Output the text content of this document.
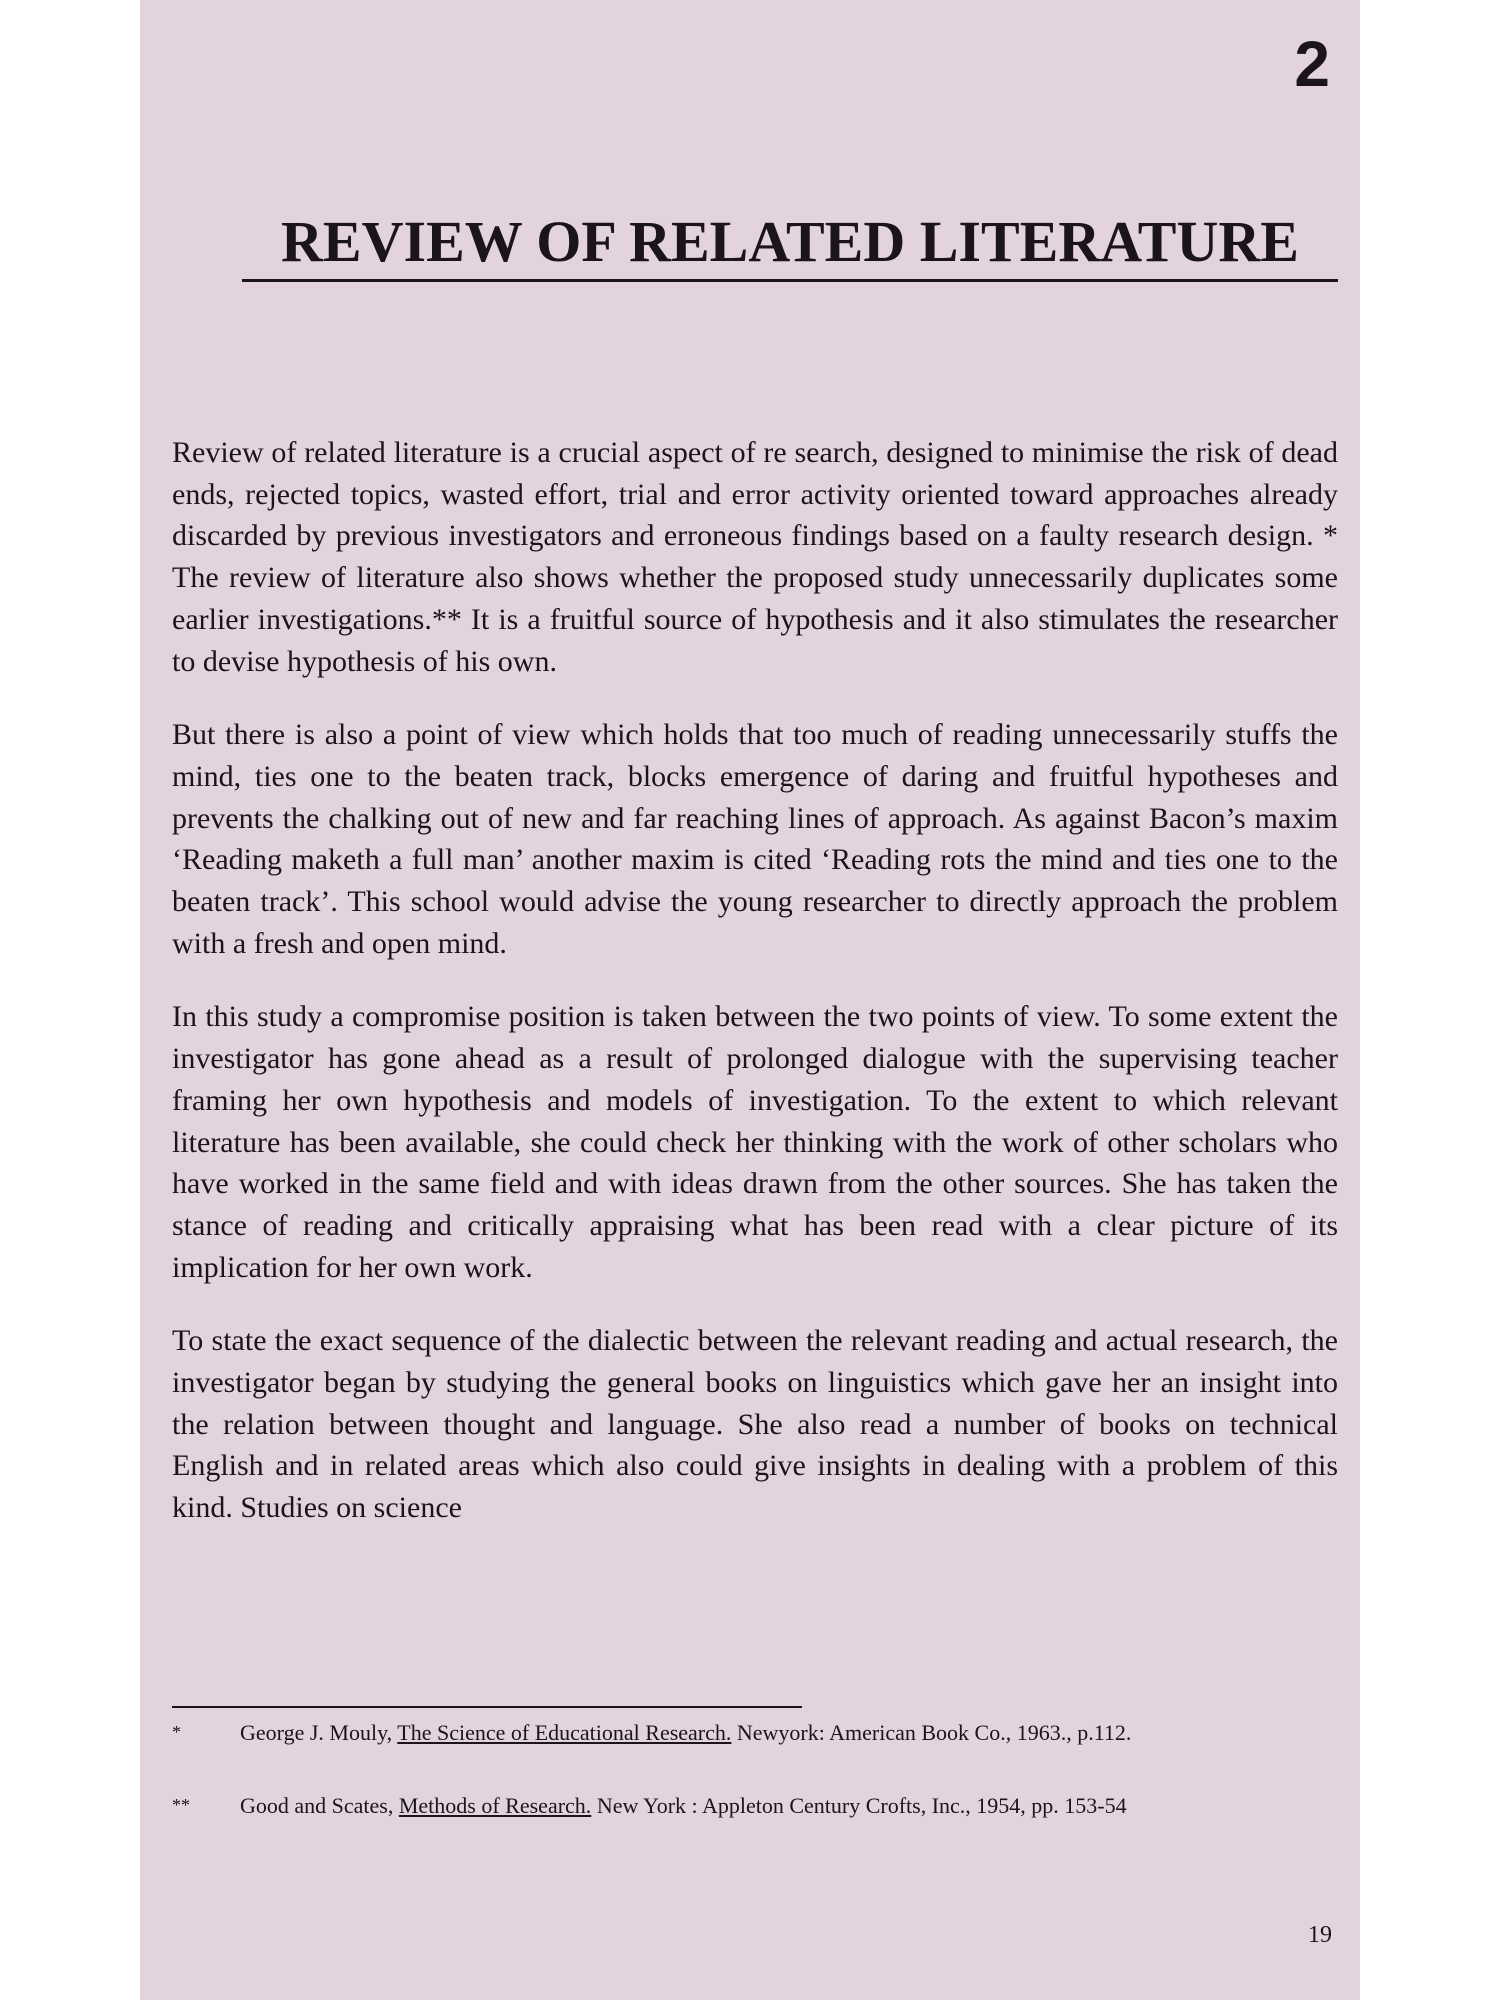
2

REVIEW OF RELATED LITERATURE

Review of related literature is a crucial aspect of re search, designed to minimise the risk of dead ends, rejected topics, wasted effort, trial and error activity oriented toward approaches already discarded by previous investigators and erroneous findings based on a faulty research design. * The review of literature also shows whether the proposed study unnecessarily duplicates some earlier investigations.** It is a fruitful source of hypothesis and it also stimulates the researcher to devise hypothesis of his own.

But there is also a point of view which holds that too much of reading unnecessarily stuffs the mind, ties one to the beaten track, blocks emergence of daring and fruitful hypotheses and prevents the chalking out of new and far reaching lines of approach. As against Bacon’s maxim ‘Reading maketh a full man’ another maxim is cited ‘Reading rots the mind and ties one to the beaten track’. This school would advise the young researcher to directly approach the problem with a fresh and open mind.

In this study a compromise position is taken between the two points of view. To some extent the investigator has gone ahead as a result of prolonged dialogue with the supervising teacher framing her own hypothesis and models of investigation. To the extent to which relevant literature has been available, she could check her thinking with the work of other scholars who have worked in the same field and with ideas drawn from the other sources. She has taken the stance of reading and critically appraising what has been read with a clear picture of its implication for her own work.

To state the exact sequence of the dialectic between the relevant reading and actual research, the investigator began by studying the general books on linguistics which gave her an insight into the relation between thought and language. She also read a number of books on technical English and in related areas which also could give insights in dealing with a problem of this kind. Studies on science

*	George J. Mouly, The Science of Educational Research. Newyork: American Book Co., 1963., p.112.
** Good and Scates, Methods of Research. New York : Appleton Century Crofts, Inc., 1954, pp. 153-54

19
